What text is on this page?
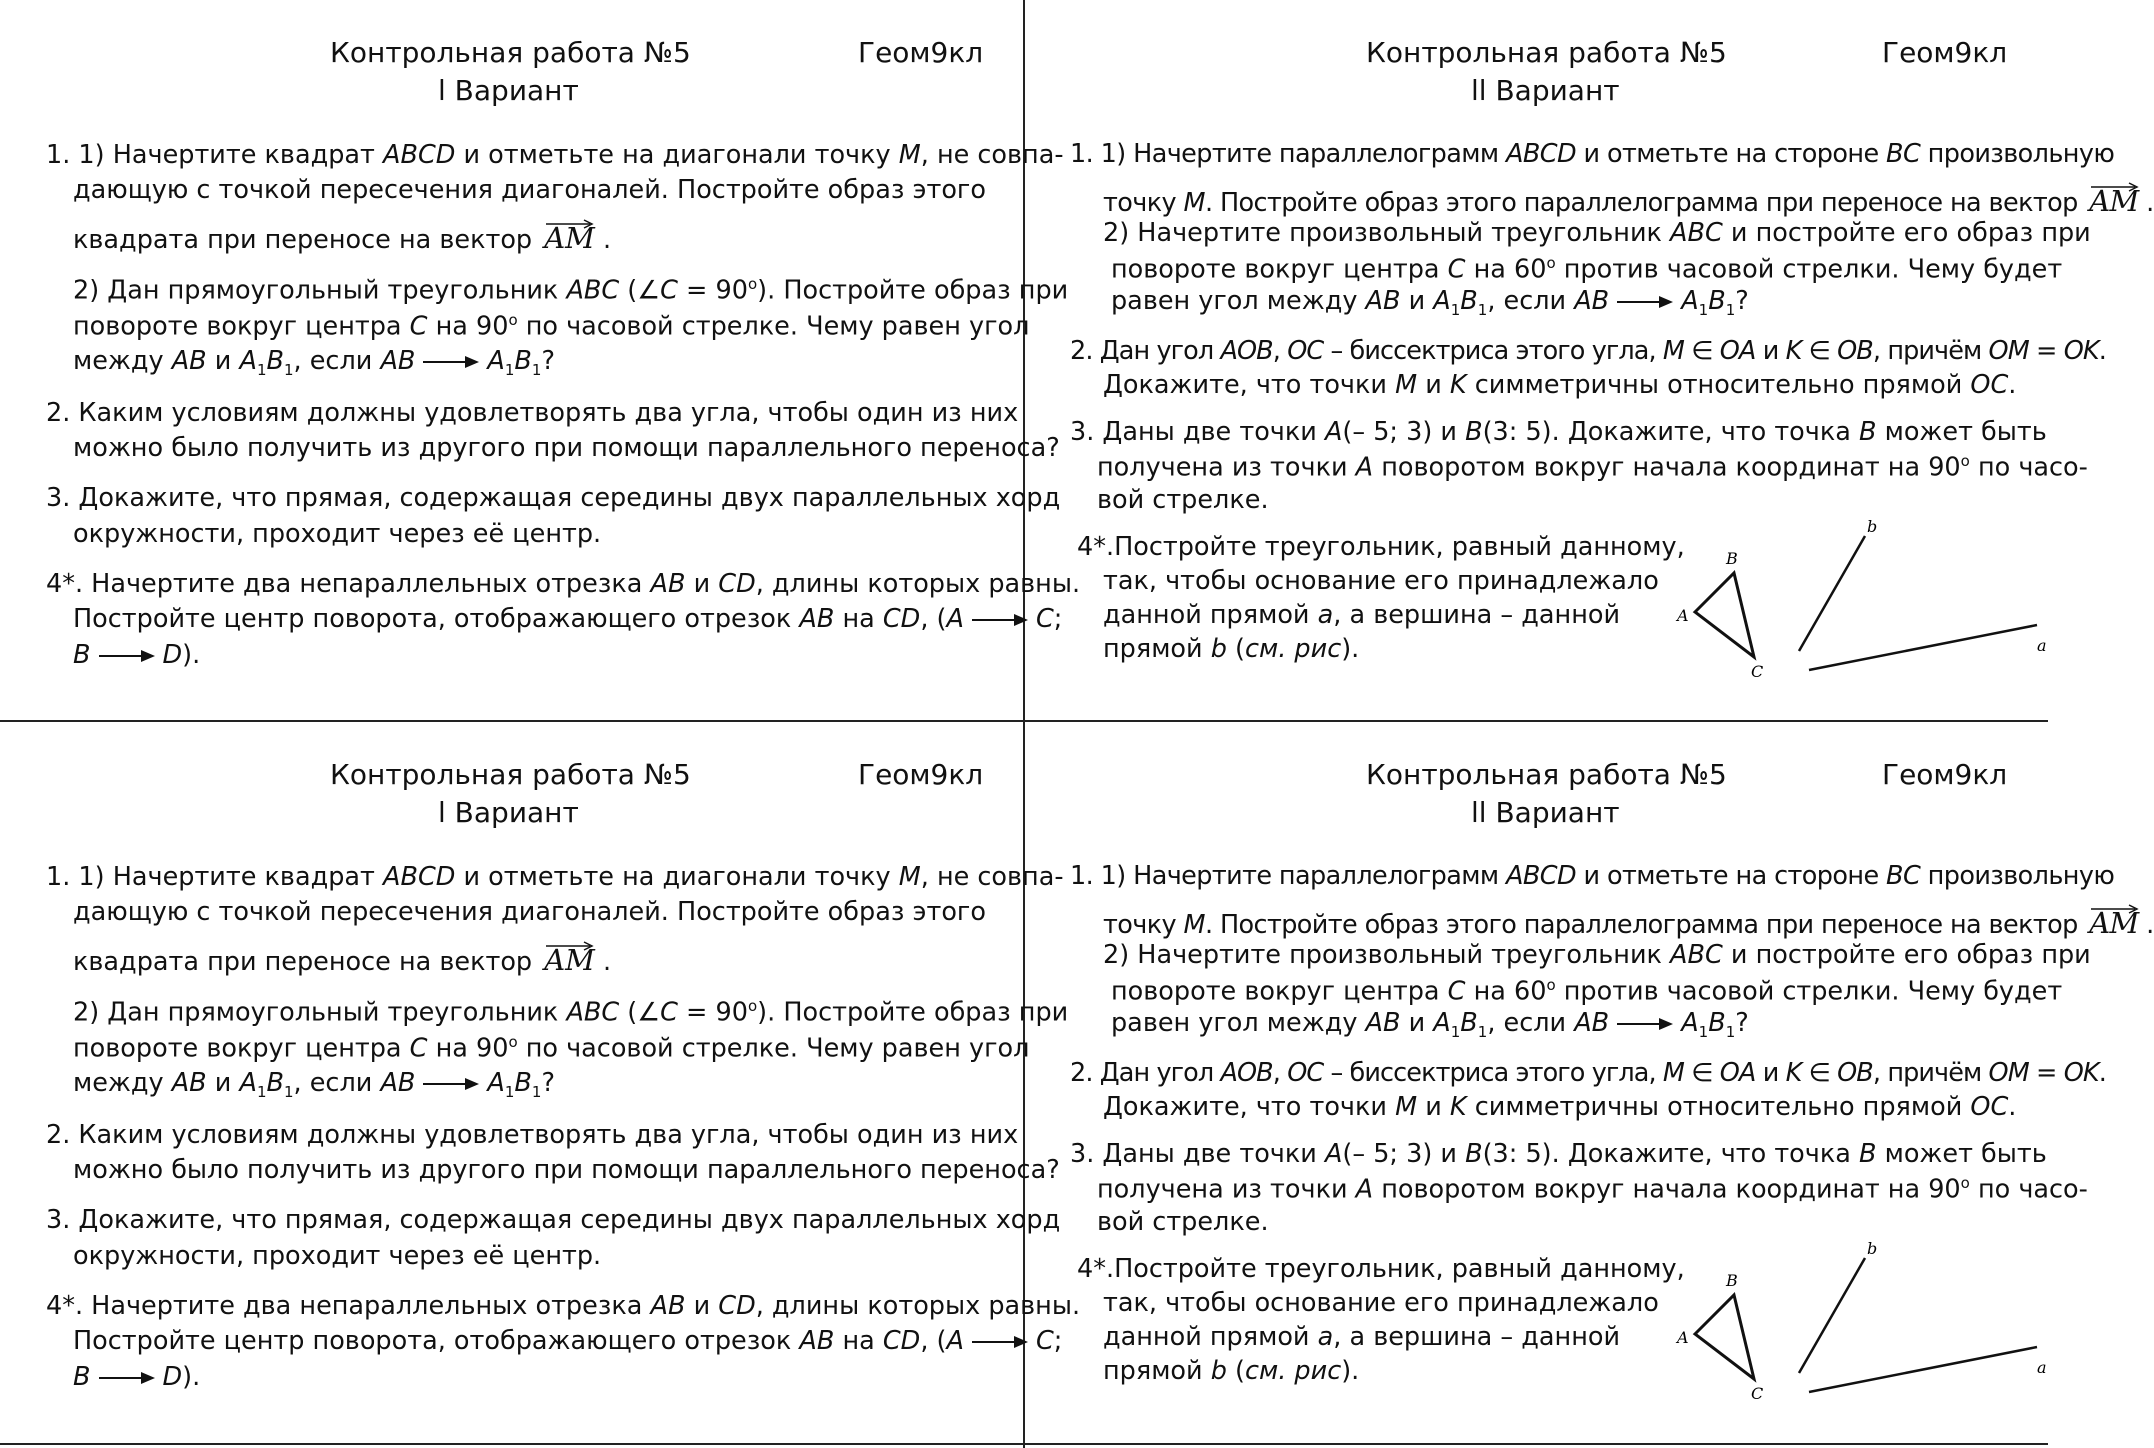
Контрольная работа №5	Геом9кл
l Вариант
1. 1) Начертите квадрат ABCD и отметьте на диагонали точку M, не совпа-
дающую с точкой пересечения диагоналей. Постройте образ этого
квадрата при переносе на вектор
AM .
2) Дан прямоугольный треугольник ABC (∠C = $90^o$). Постройте образ при
повороте вокруг центра C на 90$^o$ по часовой стрелке. Чему равен угол
между AB и $A_1B_1$, если AB	$A_1B_1$?
2. Каким условиям должны удовлетворять два угла, чтобы один из них
можно было получить из другого при помощи параллельного переноса?
3. Докажите, что прямая, содержащая середины двух параллельных хорд
окружности, проходит через её центр.
4*. Начертите два непараллельных отрезка AB и CD, длины которых равны.
Постройте центр поворота, отображающего отрезок AB на CD, (A	C;
B	D).
Контрольная работа №5	Геом9кл
ll Вариант
1. 1) Начертите параллелограмм ABCD и отметьте на стороне BC произвольную
точку M. Постройте образ этого параллелограмма при переносе на вектор
AM .
2) Начертите произвольный треугольник ABC и постройте его образ при
повороте вокруг центра C на 60$^o$ против часовой стрелки. Чему будет
равен угол между AB и $A_1B_1$, если AB	$A_1B_1$?
2. Дан угол AOB, OC – биссектриса этого угла, M ∈ OA и K ∈ OB, причём OM = OK.
Докажите, что точки M и K симметричны относительно прямой OC.
3. Даны две точки A(– 5; 3) и B(3: 5). Докажите, что точка B может быть
получена из точки A поворотом вокруг начала координат на 90$^o$ по часо-
вой стрелке.
4*.Постройте треугольник, равный данному,
так, чтобы основание его принадлежало
данной прямой a, а вершина – данной
прямой b (см. рис).
A
B
C
b
a
Контрольная работа №5	Геом9кл
l Вариант
1. 1) Начертите квадрат ABCD и отметьте на диагонали точку M, не совпа-
дающую с точкой пересечения диагоналей. Постройте образ этого
квадрата при переносе на вектор
AM .
2) Дан прямоугольный треугольник ABC (∠C = $90^o$). Постройте образ при
повороте вокруг центра C на 90$^o$ по часовой стрелке. Чему равен угол
между AB и $A_1B_1$, если AB	$A_1B_1$?
2. Каким условиям должны удовлетворять два угла, чтобы один из них
можно было получить из другого при помощи параллельного переноса?
3. Докажите, что прямая, содержащая середины двух параллельных хорд
окружности, проходит через её центр.
4*. Начертите два непараллельных отрезка AB и CD, длины которых равны.
Постройте центр поворота, отображающего отрезок AB на CD, (A	C;
B	D).
Контрольная работа №5	Геом9кл
ll Вариант
1. 1) Начертите параллелограмм ABCD и отметьте на стороне BC произвольную
точку M. Постройте образ этого параллелограмма при переносе на вектор
AM .
2) Начертите произвольный треугольник ABC и постройте его образ при
повороте вокруг центра C на 60$^o$ против часовой стрелки. Чему будет
равен угол между AB и $A_1B_1$, если AB	$A_1B_1$?
2. Дан угол AOB, OC – биссектриса этого угла, M ∈ OA и K ∈ OB, причём OM = OK.
Докажите, что точки M и K симметричны относительно прямой OC.
3. Даны две точки A(– 5; 3) и B(3: 5). Докажите, что точка B может быть
получена из точки A поворотом вокруг начала координат на 90$^o$ по часо-
вой стрелке.
4*.Постройте треугольник, равный данному,
так, чтобы основание его принадлежало
данной прямой a, а вершина – данной
прямой b (см. рис).
A
B
C
b
a
